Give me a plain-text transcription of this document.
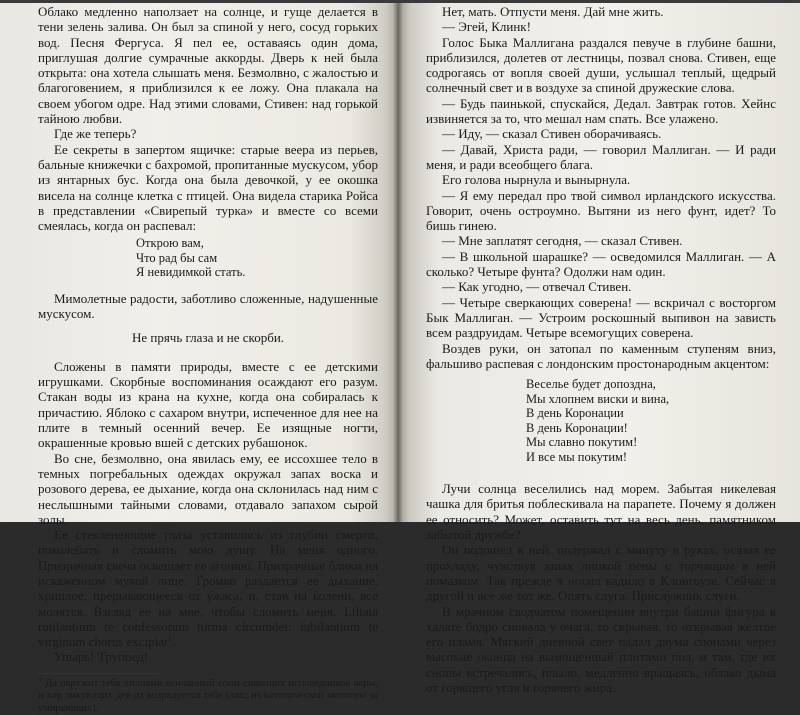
Облако медленно наползает на солнце, и гуще делается в тени зелень залива. Он был за спиной у него, сосуд горьких вод. Песня Фергуса. Я пел ее, оставаясь один дома, приглушая долгие сумрачные аккорды. Дверь к ней была открыта: она хотела слышать меня. Безмолвно, с жалостью и благоговением, я приблизился к ее ложу. Она плакала на своем убогом одре. Над этими словами, Стивен: над горькой тайною любви.

Где же теперь?

Ее секреты в запертом ящичке: старые веера из перьев, бальные книжечки с бахромой, пропитанные мускусом, убор из янтарных бус. Когда она была девочкой, у ее окошка висела на солнце клетка с птицей. Она видела старика Ройса в представлении «Свирепый турка» и вместе со всеми смеялась, когда он распевал:

Открою вам,
Что рад бы сам
Я невидимкой стать.

Мимолетные радости, заботливо сложенные, надушенные мускусом.

Не прячь глаза и не скорби.

Сложены в памяти природы, вместе с ее детскими игрушками. Скорбные воспоминания осаждают его разум. Стакан воды из крана на кухне, когда она собиралась к причастию. Яблоко с сахаром внутри, испеченное для нее на плите в темный осенний вечер. Ее изящные ногти, окрашенные кровью вшей с детских рубашонок.

Во сне, безмолвно, она явилась ему, ее иссохшее тело в темных погребальных одеждах окружал запах воска и розового дерева, ее дыхание, когда она склонилась над ним с неслышными тайными словами, отдавало запахом сырой золы.

Ее стекленеющие глаза уставились из глубин смерти, поколебать и сломить мою душу. На меня одного. Призрачная свеча освещает ее агонию. Призрачные блики на искаженном мукой лице. Громко раздается ее дыхание, хриплое, прерывающееся от ужаса, и, став на колени, все молятся. Взгляд ее на мне, чтобы сломить меня. Liliata rutilantium te confessorum turma circumdet: iubilantium te virginum chorus excipiat$^1$.

Упырь! Трупоед!

$^1$ Да окружит тебя лилиями венчанный сонм сияющих исповедников веры, и хор ликующих дев да возрадуется тебе (лат.; из католической молитвы за умирающих).

Нет, мать. Отпусти меня. Дай мне жить.

— Эгей, Клинк!

Голос Быка Маллигана раздался певуче в глубине башни, приблизился, долетев от лестницы, позвал снова. Стивен, еще содрогаясь от вопля своей души, услышал теплый, щедрый солнечный свет и в воздухе за спиной дружеские слова.

— Будь паинькой, спускайся, Дедал. Завтрак готов. Хейнс извиняется за то, что мешал нам спать. Все улажено.

— Иду, — сказал Стивен оборачиваясь.

— Давай, Христа ради, — говорил Маллиган. — И ради меня, и ради всеобщего блага.

Его голова нырнула и вынырнула.

— Я ему передал про твой символ ирландского искусства. Говорит, очень остроумно. Вытяни из него фунт, идет? То бишь гинею.

— Мне заплатят сегодня, — сказал Стивен.

— В школьной шарашке? — осведомился Маллиган. — А сколько? Четыре фунта? Одолжи нам один.

— Как угодно, — отвечал Стивен.

— Четыре сверкающих соверена! — вскричал с восторгом Бык Маллиган. — Устроим роскошный выпивон на зависть всем раздруидам. Четыре всемогущих соверена.

Воздев руки, он затопал по каменным ступеням вниз, фальшиво распевая с лондонским простонародным акцентом:

Веселье будет допоздна,
Мы хлопнем виски и вина,
В день Коронации
В день Коронации!
Мы славно покутим!
И все мы покутим!

Лучи солнца веселились над морем. Забытая никелевая чашка для бритья поблескивала на парапете. Почему я должен ее относить? Может, оставить тут на весь день, памятником забытой дружбе?

Он подошел к ней, подержал с минуту в руках, осязая ее прохладу, чувствуя запах липкой пены с торчащим в ней помазком. Так прежде я носил кадило в Клонгоузе. Сейчас я другой и все же тот же. Опять слуга. Прислужник слуги.

В мрачном сводчатом помещении внутри башни фигура в халате бодро сновала у очага, то скрывая, то открывая желтое его пламя. Мягкий дневной свет падал двумя снопами через высокие оконца на вымощенный плитами пол, и там, где их снопы встречались, плыло, медленно вращаясь, облако дыма от горящего угля и горячего жира.
